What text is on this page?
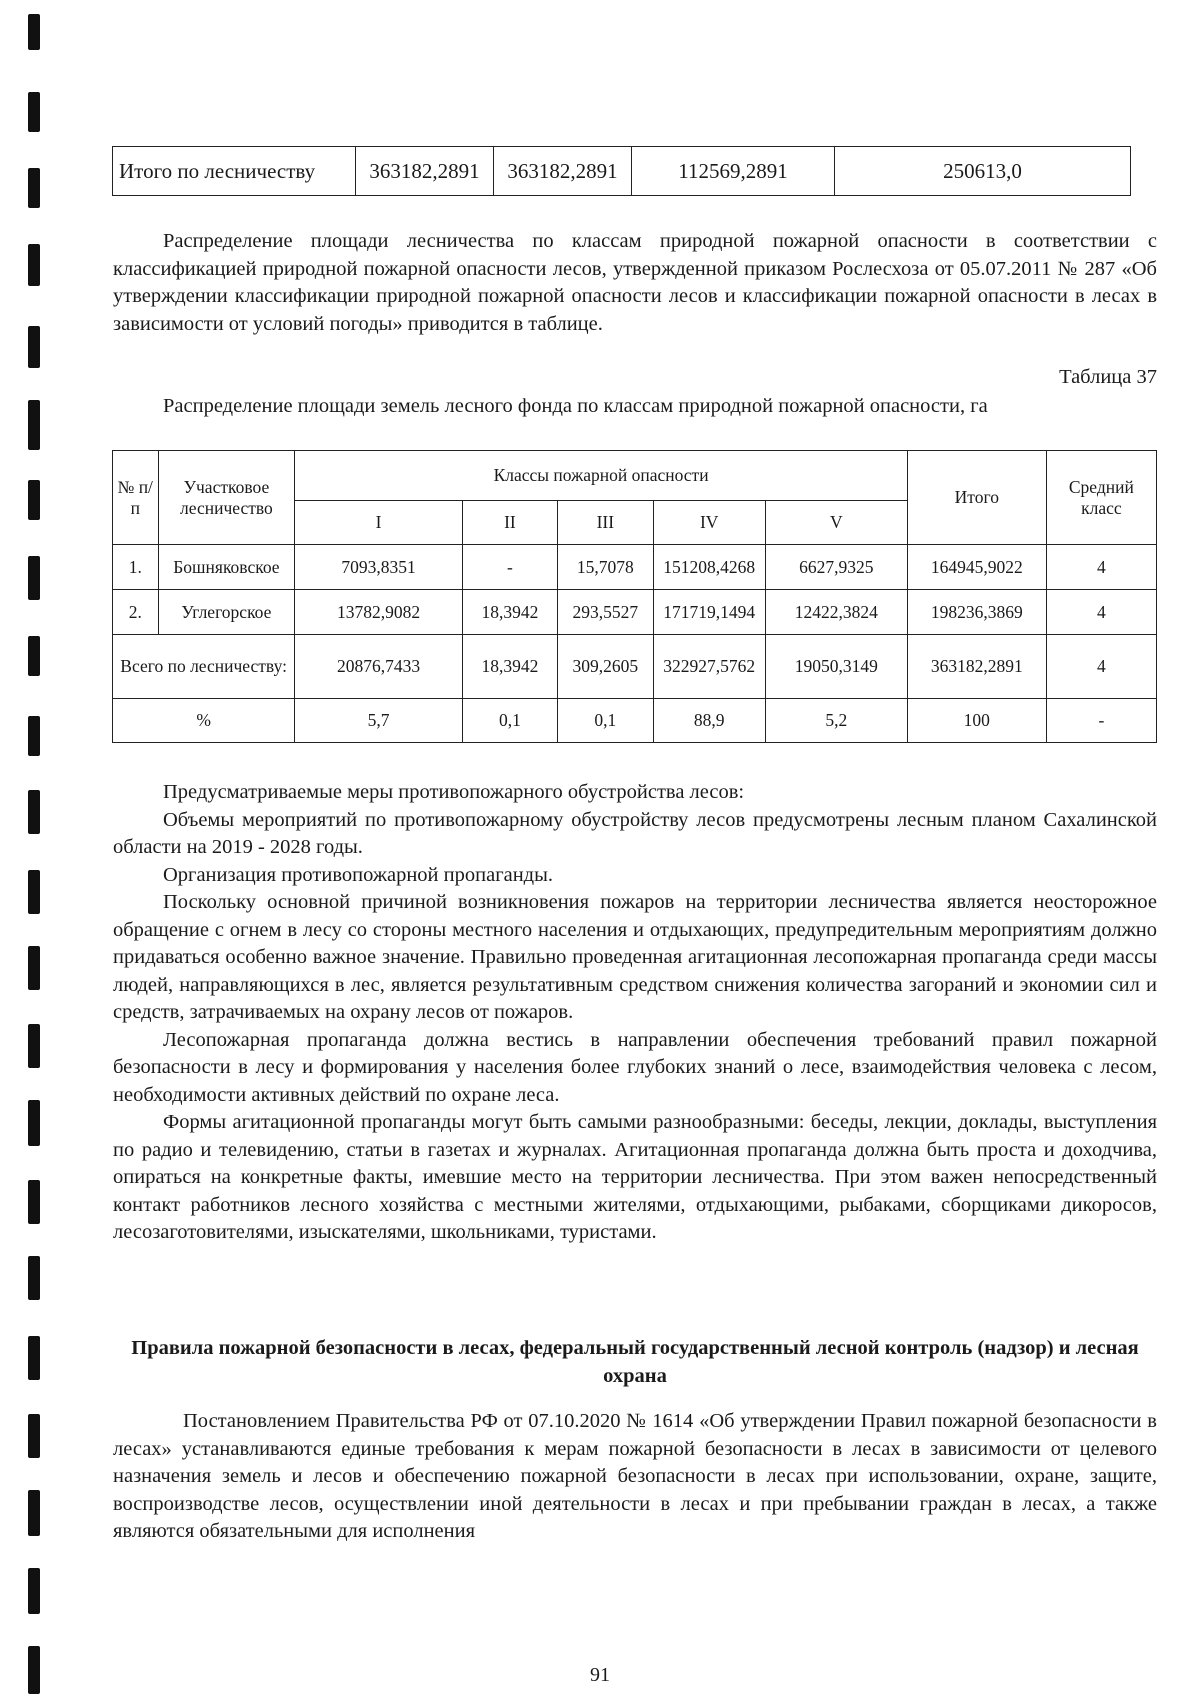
Итого по лесничеству	363182,2891	363182,2891	112569,2891	250613,0

Распределение площади лесничества по классам природной пожарной опасности в соответствии с классификацией природной пожарной опасности лесов, утвержденной приказом Рослесхоза от 05.07.2011 № 287 «Об утверждении классификации природной пожарной опасности лесов и классификации пожарной опасности в лесах в зависимости от условий погоды» приводится в таблице.

Таблица 37
Распределение площади земель лесного фонда по классам природной пожарной опасности, га
№ п/п	Участковое лесничество	Классы пожарной опасности					Итого	Средний класс
		I	II	III	IV	V		
1.	Бошняковское	7093,8351	-	15,7078	151208,4268	6627,9325	164945,9022	4
2.	Углегорское	13782,9082	18,3942	293,5527	171719,1494	12422,3824	198236,3869	4
Всего по лесничеству:		20876,7433	18,3942	309,2605	322927,5762	19050,3149	363182,2891	4
%		5,7	0,1	0,1	88,9	5,2	100	-
Предусматриваемые меры противопожарного обустройства лесов:
Объемы мероприятий по противопожарному обустройству лесов предусмотрены лесным планом Сахалинской области на 2019 - 2028 годы.
Организация противопожарной пропаганды.
Поскольку основной причиной возникновения пожаров на территории лесничества является неосторожное обращение с огнем в лесу со стороны местного населения и отдыхающих, предупредительным мероприятиям должно придаваться особенно важное значение. Правильно проведенная агитационная лесопожарная пропаганда среди массы людей, направляющихся в лес, является результативным средством снижения количества загораний и экономии сил и средств, затрачиваемых на охрану лесов от пожаров.
Лесопожарная пропаганда должна вестись в направлении обеспечения требований правил пожарной безопасности в лесу и формирования у населения более глубоких знаний о лесе, взаимодействия человека с лесом, необходимости активных действий по охране леса.
Формы агитационной пропаганды могут быть самыми разнообразными: беседы, лекции, доклады, выступления по радио и телевидению, статьи в газетах и журналах. Агитационная пропаганда должна быть проста и доходчива, опираться на конкретные факты, имевшие место на территории лесничества. При этом важен непосредственный контакт работников лесного хозяйства с местными жителями, отдыхающими, рыбаками, сборщиками дикоросов, лесозаготовителями, изыскателями, школьниками, туристами.
Правила пожарной безопасности в лесах, федеральный государственный лесной контроль (надзор) и лесная охрана

Постановлением Правительства РФ от 07.10.2020 № 1614 «Об утверждении Правил пожарной безопасности в лесах» устанавливаются единые требования к мерам пожарной безопасности в лесах в зависимости от целевого назначения земель и лесов и обеспечению пожарной безопасности в лесах при использовании, охране, защите, воспроизводстве лесов, осуществлении иной деятельности в лесах и при пребывании граждан в лесах, а также являются обязательными для исполнения

91
